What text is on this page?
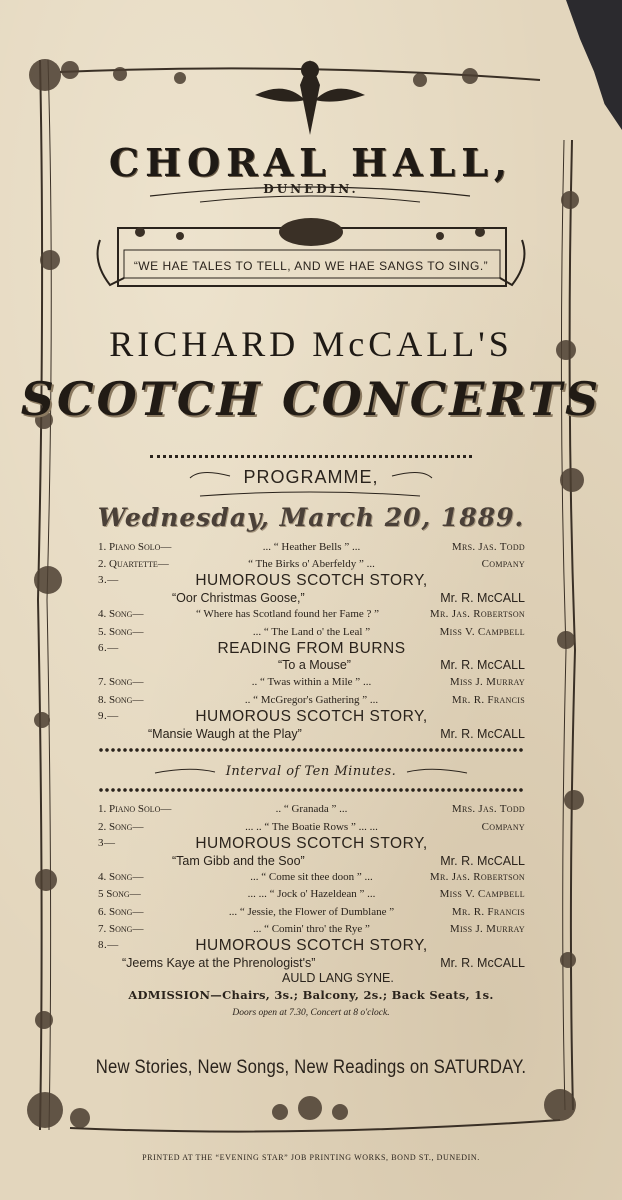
CHORAL HALL,
DUNEDIN.
“WE HAE TALES TO TELL, AND WE HAE SANGS TO SING.”
RICHARD McCALL'S
SCOTCH CONCERTS
PROGRAMME,
Wednesday, March 20, 1889.
1. Piano Solo—	... “ Heather Bells ” ...	Mrs. Jas. Todd
2. Quartette—	“ The Birks o' Aberfeldy ” ...	Company
3.—	HUMOROUS SCOTCH STORY,
“Oor Christmas Goose,”	Mr. R. McCALL
4. Song—	“ Where has Scotland found her Fame ? ”	Mr. Jas. Robertson
5. Song—	... “ The Land o' the Leal ”	Miss V. Campbell
6.—	READING FROM BURNS
“To a Mouse”	Mr. R. McCALL
7. Song—	.. “ Twas within a Mile ” ...	Miss J. Murray
8. Song—	.. “ McGregor's Gathering ” ...	Mr. R. Francis
9.—	HUMOROUS SCOTCH STORY,
“Mansie Waugh at the Play”	Mr. R. McCALL
Interval of Ten Minutes.
1. Piano Solo—	.. “ Granada ” ...	Mrs. Jas. Todd
2. Song—	... .. “ The Boatie Rows ” ... ...	Company
3—	HUMOROUS SCOTCH STORY,
“Tam Gibb and the Soo”	Mr. R. McCALL
4. Song—	... “ Come sit thee doon ” ...	Mr. Jas. Robertson
5 Song—	... ... “ Jock o' Hazeldean ” ...	Miss V. Campbell
6. Song—	... “ Jessie, the Flower of Dumblane ”	Mr. R. Francis
7. Song—	... “ Comin' thro' the Rye ”	Miss J. Murray
8.—	HUMOROUS SCOTCH STORY,
“Jeems Kaye at the Phrenologist's”	Mr. R. McCALL
AULD LANG SYNE.
ADMISSION—Chairs, 3s.; Balcony, 2s.; Back Seats, 1s.
Doors open at 7.30, Concert at 8 o'clock.
New Stories, New Songs, New Readings on SATURDAY.
PRINTED AT THE “EVENING STAR” JOB PRINTING WORKS, BOND ST., DUNEDIN.
